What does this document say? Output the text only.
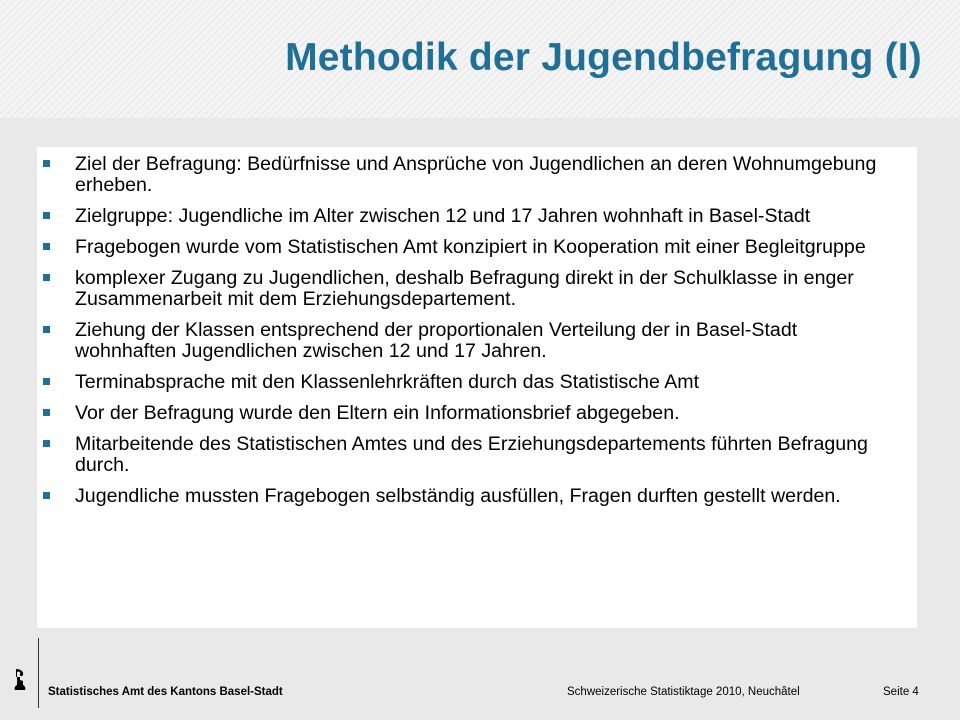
Methodik der Jugendbefragung (I)
Ziel der Befragung: Bedürfnisse und Ansprüche von Jugendlichen an deren Wohnumgebung erheben.
Zielgruppe: Jugendliche im Alter zwischen 12 und 17 Jahren wohnhaft in Basel-Stadt
Fragebogen wurde vom Statistischen Amt konzipiert in Kooperation mit einer Begleitgruppe
komplexer Zugang zu Jugendlichen, deshalb Befragung direkt in der Schulklasse in enger Zusammenarbeit mit dem Erziehungsdepartement.
Ziehung der Klassen entsprechend der proportionalen Verteilung der in Basel-Stadt wohnhaften Jugendlichen zwischen 12 und 17 Jahren.
Terminabsprache mit den Klassenlehrkräften durch das Statistische Amt
Vor der Befragung wurde den Eltern ein Informationsbrief abgegeben.
Mitarbeitende des Statistischen Amtes und des Erziehungsdepartements führten Befragung durch.
Jugendliche mussten Fragebogen selbständig ausfüllen, Fragen durften gestellt werden.
Statistisches Amt des Kantons Basel-Stadt	Schweizerische Statistiktage 2010, Neuchâtel	Seite 4
